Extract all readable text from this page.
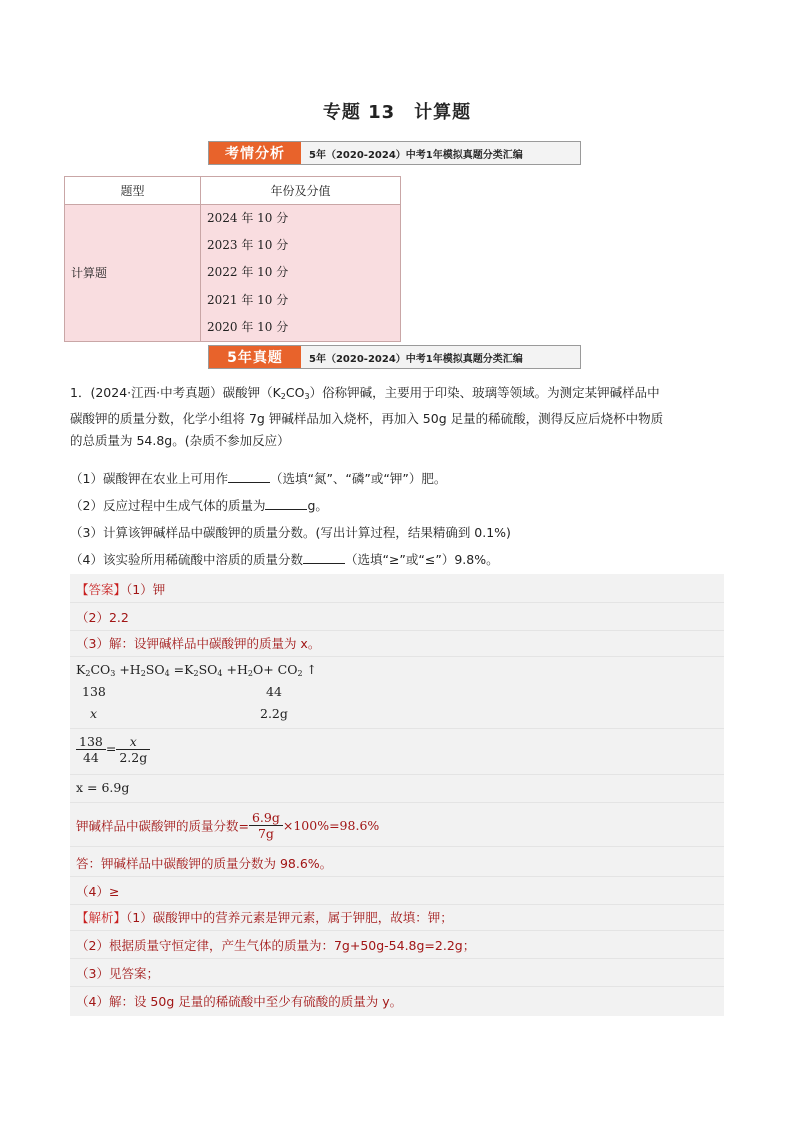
专题 13　计算题
考情分析	5年（2020-2024）中考1年模拟真题分类汇编
题型	年份及分值
计算题	2024 年 10 分
2023 年 10 分
2022 年 10 分
2021 年 10 分
2020 年 10 分
5年真题	5年（2020-2024）中考1年模拟真题分类汇编
1．(2024·江西·中考真题）碳酸钾$(K_2CO_3)$俗称钾碱，主要用于印染、玻璃等领域。为测定某钾碱样品中
碳酸钾的质量分数，化学小组将 7g 钾碱样品加入烧杯，再加入 50g 足量的稀硫酸，测得反应后烧杯中物质
的总质量为 54.8g。(杂质不参加反应）
（1）碳酸钾在农业上可用作	（选填“氮”、“磷”或“钾”）肥。
（2）反应过程中生成气体的质量为	g。
（3）计算该钾碱样品中碳酸钾的质量分数。(写出计算过程，结果精确到 0.1%)
（4）该实验所用稀硫酸中溶质的质量分数	（选填“≥”或“≤”）9.8%。
【答案】（1）钾
（2）2.2
（3）解：设钾碱样品中碳酸钾的质量为 x。
$K_2CO_3 +H_2SO_4 =K_2SO_4 +H_2O+ CO_2$ ↑
138	44
x	2.2g
$\frac{138}{44} = \frac{x}{2.2g}$
x = 6.9g
钾碱样品中碳酸钾的质量分数= $\frac{6.9g}{7g} \times 100\%=98.6\%$
答：钾碱样品中碳酸钾的质量分数为 98.6%。
（4）≥
【解析】（1）碳酸钾中的营养元素是钾元素，属于钾肥，故填：钾；
（2）根据质量守恒定律，产生气体的质量为：7g+50g-54.8g=2.2g；
（3）见答案；
（4）解：设 50g 足量的稀硫酸中至少有硫酸的质量为 y。
